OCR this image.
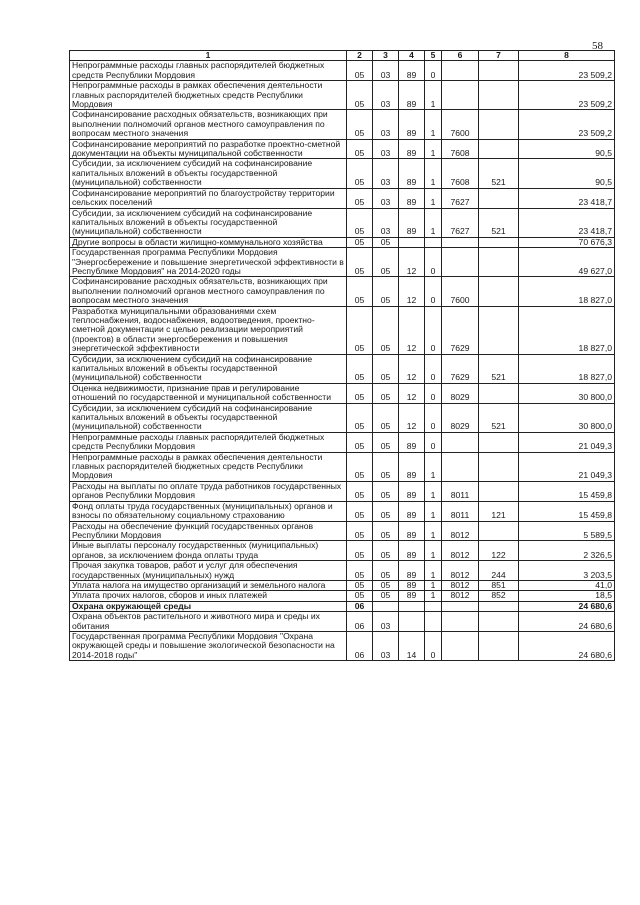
58
1	2	3	4	5	6	7	8
Непрограммные расходы главных распорядителей бюджетных средств Республики Мордовия	05	03	89	0			23 509,2
Непрограммные расходы в рамках обеспечения деятельности главных распорядителей бюджетных средств Республики Мордовия	05	03	89	1			23 509,2
Софинансирование расходных обязательств, возникающих при выполнении полномочий органов местного самоуправления по вопросам местного значения	05	03	89	1	7600		23 509,2
Софинансирование мероприятий по разработке проектно-сметной документации на объекты муниципальной собственности	05	03	89	1	7608		90,5
Субсидии, за исключением субсидий на софинансирование капитальных вложений в объекты государственной (муниципальной) собственности	05	03	89	1	7608	521	90,5
Софинансирование мероприятий по благоустройству территории сельских поселений	05	03	89	1	7627		23 418,7
Субсидии, за исключением субсидий на софинансирование капитальных вложений в объекты государственной (муниципальной) собственности	05	03	89	1	7627	521	23 418,7
Другие вопросы в области жилищно-коммунального хозяйства	05	05					70 676,3
Государственная программа Республики Мордовия "Энергосбережение и повышение энергетической эффективности в Республике Мордовия" на 2014-2020 годы	05	05	12	0			49 627,0
Софинансирование расходных обязательств, возникающих при выполнении полномочий органов местного самоуправления по вопросам местного значения	05	05	12	0	7600		18 827,0
Разработка муниципальными образованиями схем теплоснабжения, водоснабжения, водоотведения, проектно-сметной документации с целью реализации мероприятий (проектов) в области энергосбережения и повышения энергетической эффективности	05	05	12	0	7629		18 827,0
Субсидии, за исключением субсидий на софинансирование капитальных вложений в объекты государственной (муниципальной) собственности	05	05	12	0	7629	521	18 827,0
Оценка недвижимости, признание прав и регулирование отношений по государственной и муниципальной собственности	05	05	12	0	8029		30 800,0
Субсидии, за исключением субсидий на софинансирование капитальных вложений в объекты государственной (муниципальной) собственности	05	05	12	0	8029	521	30 800,0
Непрограммные расходы главных распорядителей бюджетных средств Республики Мордовия	05	05	89	0			21 049,3
Непрограммные расходы в рамках обеспечения деятельности главных распорядителей бюджетных средств Республики Мордовия	05	05	89	1			21 049,3
Расходы на выплаты по оплате труда работников государственных органов Республики Мордовия	05	05	89	1	8011		15 459,8
Фонд оплаты труда государственных (муниципальных) органов и взносы по обязательному социальному страхованию	05	05	89	1	8011	121	15 459,8
Расходы на обеспечение функций государственных органов Республики Мордовия	05	05	89	1	8012		5 589,5
Иные выплаты персоналу государственных (муниципальных) органов, за исключением фонда оплаты труда	05	05	89	1	8012	122	2 326,5
Прочая закупка товаров, работ и услуг для обеспечения государственных (муниципальных) нужд	05	05	89	1	8012	244	3 203,5
Уплата налога на имущество организаций и земельного налога	05	05	89	1	8012	851	41,0
Уплата прочих налогов, сборов и иных платежей	05	05	89	1	8012	852	18,5
Охрана окружающей среды	06						24 680,6
Охрана объектов растительного и животного мира и среды их обитания	06	03					24 680,6
Государственная программа Республики Мордовия "Охрана окружающей среды и повышение экологической безопасности на 2014-2018 годы"	06	03	14	0			24 680,6
